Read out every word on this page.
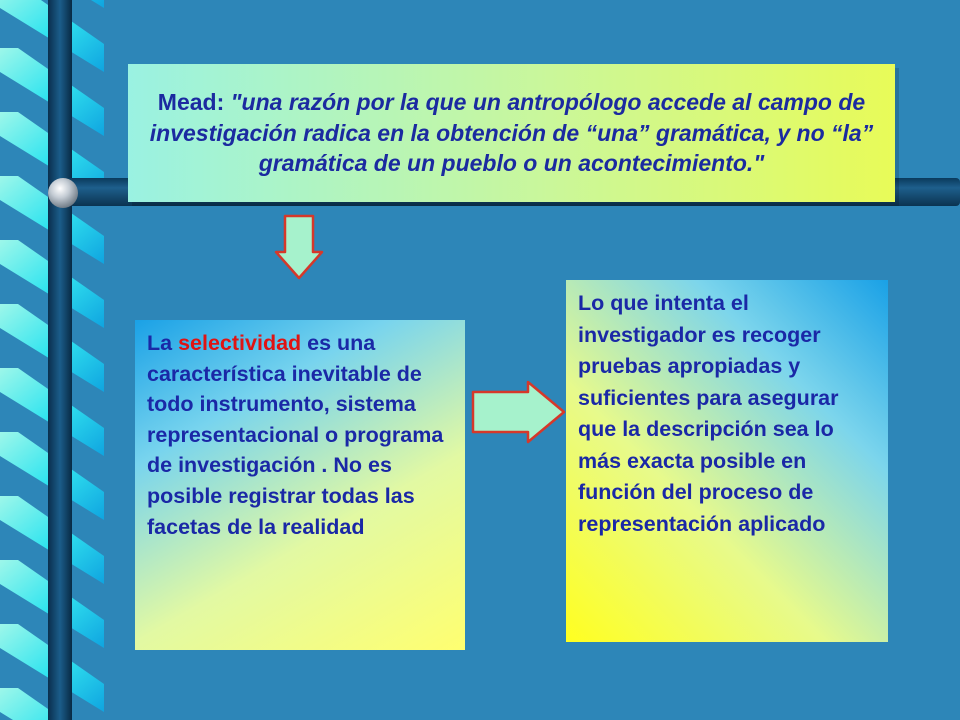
Mead: "una razón por la que un antropólogo accede al campo de investigación radica en la obtención de “una” gramática, y no “la” gramática de un pueblo o un acontecimiento."

La selectividad es una característica inevitable de todo instrumento, sistema representacional o programa de investigación . No es posible registrar todas las facetas de la realidad

Lo que intenta el investigador es recoger pruebas apropiadas y suficientes para asegurar que la descripción sea lo más exacta posible en función del proceso de representación aplicado
